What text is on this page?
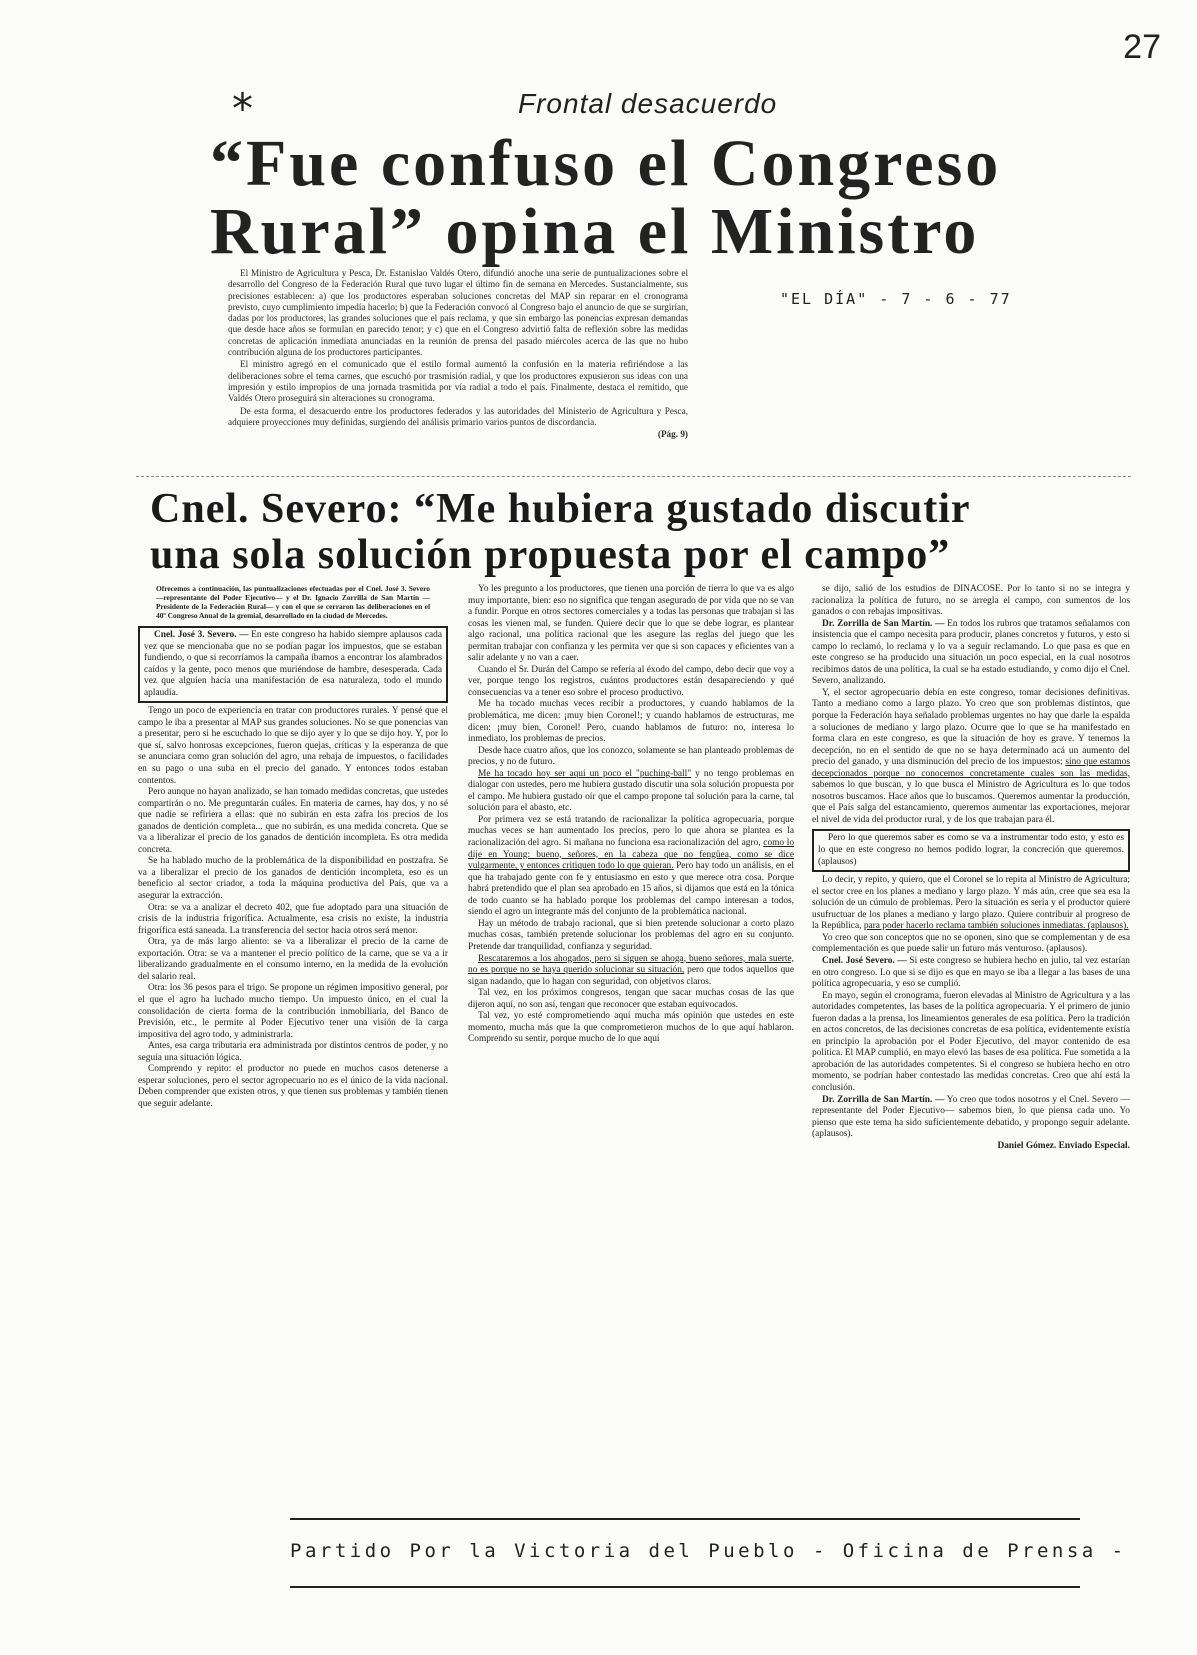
27
*	Frontal desacuerdo
“Fue confuso el Congreso
Rural” opina el Ministro
"EL DÍA" - 7 - 6 - 77

El Ministro de Agricultura y Pesca, Dr. Estanislao Valdés Otero, difundió anoche una serie de puntualizaciones sobre el desarrollo del Congreso de la Federación Rural que tuvo lugar el último fin de semana en Mercedes. Sustancialmente, sus precisiones establecen: a) que los productores esperaban soluciones concretas del MAP sin reparar en el cronograma previsto, cuyo cumplimiento impedía hacerlo; b) que la Federación convocó al Congreso bajo el anuncio de que se surgirían, dadas por los productores, las grandes soluciones que el país reclama, y que sin embargo las ponencias expresan demandas que desde hace años se formulan en parecido tenor; y c) que en el Congreso advirtió falta de reflexión sobre las medidas concretas de aplicación inmediata anunciadas en la reunión de prensa del pasado miércoles acerca de las que no hubo contribución alguna de los productores participantes.

El ministro agregó en el comunicado que el estilo formal aumentó la confusión en la materia refiriéndose a las deliberaciones sobre el tema carnes, que escuchó por trasmisión radial, y que los productores expusieron sus ideas con una impresión y estilo impropios de una jornada trasmitida por vía radial a todo el país. Finalmente, destaca el remitido, que Valdés Otero proseguirá sin alteraciones su cronograma.

De esta forma, el desacuerdo entre los productores federados y las autoridades del Ministerio de Agricultura y Pesca, adquiere proyecciones muy definidas, surgiendo del análisis primario varios puntos de discordancia.

(Pág. 9)

Cnel. Severo: “Me hubiera gustado discutir
una sola solución propuesta por el campo”

Ofrecemos a continuación, las puntualizaciones efectuadas por el Cnel. José 3. Severo —representante del Poder Ejecutivo— y el Dr. Ignacio Zorrilla de San Martín —Presidente de la Federación Rural— y con el que se cerraron las deliberaciones en el 40º Congreso Anual de la gremial, desarrollado en la ciudad de Mercedes.

Cnel. José 3. Severo. — En este congreso ha habido siempre aplausos cada vez que se mencionaba que no se podían pagar los impuestos, que se estaban fundiendo, o que si recorríamos la campaña íbamos a encontrar los alambrados caídos y la gente, poco menos que muriéndose de hambre, desesperada. Cada vez que alguien hacía una manifestación de esa naturaleza, todo el mundo aplaudía.

Tengo un poco de experiencia en tratar con productores rurales. Y pensé que el campo le iba a presentar al MAP sus grandes soluciones. No se que ponencias van a presentar, pero si he escuchado lo que se dijo ayer y lo que se dijo hoy. Y, por lo que sí, salvo honrosas excepciones, fueron quejas, críticas y la esperanza de que se anunciara como gran solución del agro, una rebaja de impuestos, o facilidades en su pago o una suba en el precio del ganado. Y entonces todos estaban contentos.

Pero aunque no hayan analizado, se han tomado medidas concretas, que ustedes compartirán o no. Me preguntarán cuáles. En materia de carnes, hay dos, y no sé que nadie se refiriera a ellas: que no subirán en esta zafra los precios de los ganados de dentición completa... que no subirán, es una medida concreta. Que se va a liberalizar el precio de los ganados de dentición incompleta. Es otra medida concreta.

Se ha hablado mucho de la problemática de la disponibilidad en postzafra. Se va a liberalizar el precio de los ganados de dentición incompleta, eso es un beneficio al sector criador, a toda la máquina productiva del País, que va a asegurar la extracción.

Otra: se va a analizar el decreto 402, que fue adoptado para una situación de crisis de la industria frigorífica. Actualmente, esa crisis no existe, la industria frigorífica está saneada. La transferencia del sector hacia otros será menor.

Otra, ya de más largo aliento: se va a liberalizar el precio de la carne de exportación. Otra: se va a mantener el precio político de la carne, que se va a ir liberalizando gradualmente en el consumo interno, en la medida de la evolución del salario real.

Otra: los 36 pesos para el trigo. Se propone un régimen impositivo general, por el que el agro ha luchado mucho tiempo. Un impuesto único, en el cual la consolidación de cierta forma de la contribución inmobiliaria, del Banco de Previsión, etc., le permite al Poder Ejecutivo tener una visión de la carga impositiva del agro todo, y administrarla.

Antes, esa carga tributaria era administrada por distintos centros de poder, y no seguía una situación lógica.

Comprendo y repito: el productor no puede en muchos casos detenerse a esperar soluciones, pero el sector agropecuario no es el único de la vida nacional. Deben comprender que existen otros, y que tienen sus problemas y también tienen que seguir adelante.

Yo les pregunto a los productores, que tienen una porción de tierra lo que va es algo muy importante, bien: eso no significa que tengan asegurado de por vida que no se van a fundir. Porque en otros sectores comerciales y a todas las personas que trabajan si las cosas les vienen mal, se funden. Quiere decir que lo que se debe lograr, es plantear algo racional, una política racional que les asegure las reglas del juego que les permitan trabajar con confianza y les permita ver que si son capaces y eficientes van a salir adelante y no van a caer.

Cuando el Sr. Durán del Campo se refería al éxodo del campo, debo decir que voy a ver, porque tengo los registros, cuántos productores están desapareciendo y qué consecuencias va a tener eso sobre el proceso productivo.

Me ha tocado muchas veces recibir a productores, y cuando hablamos de la problemática, me dicen: ¡muy bien Coronel!; y cuando hablamos de estructuras, me dicen: ¡muy bien, Coronel! Pero, cuando hablamos de futuro: no, interesa lo inmediato, los problemas de precios.

Desde hace cuatro años, que los conozco, solamente se han planteado problemas de precios, y no de futuro.

Me ha tocado hoy ser aquí un poco el "puching-ball" y no tengo problemas en dialogar con ustedes, pero me hubiera gustado discutir una sola solución propuesta por el campo. Me hubiera gustado oír que el campo propone tal solución para la carne, tal solución para el abasto, etc.

Por primera vez se está tratando de racionalizar la política agropecuaria, porque muchas veces se han aumentado los precios, pero lo que ahora se plantea es la racionalización del agro. Si mañana no funciona esa racionalización del agro, como lo dije en Young: bueno, señores, en la cabeza que no fengüea, como se dice vulgarmente, y entonces critiquen todo lo que quieran. Pero hay todo un análisis, en el que ha trabajado gente con fe y entusiasmo en esto y que merece otra cosa. Porque habrá pretendido que el plan sea aprobado en 15 años, si dijamos que está en la tónica de todo cuanto se ha hablado porque los problemas del campo interesan a todos, siendo el agro un integrante más del conjunto de la problemática nacional.

Hay un método de trabajo racional, que si bien pretende solucionar a corto plazo muchas cosas, también pretende solucionar los problemas del agro en su conjunto. Pretende dar tranquilidad, confianza y seguridad.

Rescataremos a los ahogados, pero si siguen se ahoga, bueno señores, mala suerte, no es porque no se haya querido solucionar su situación, pero que todos aquellos que sigan nadando, que lo hagan con seguridad, con objetivos claros.

Tal vez, en los próximos congresos, tengan que sacar muchas cosas de las que dijeron aquí, no son así, tengan que reconocer que estaban equivocados.

Tal vez, yo esté comprometiendo aquí mucha más opinión que ustedes en este momento, mucha más que la que comprometieron muchos de lo que aquí hablaron. Comprendo su sentir, porque mucho de lo que aquí

se dijo, salió de los estudios de DINACOSE. Por lo tanto si no se integra y racionaliza la política de futuro, no se arregla el campo, con sumentos de los ganados o con rebajas impositivas.

Dr. Zorrilla de San Martín. — En todos los rubros que tratamos señalamos con insistencia que el campo necesita para producir, planes concretos y futuros, y esto si campo lo reclamó, lo reclama y lo va a seguir reclamando. Lo que pasa es que en este congreso se ha producido una situación un poco especial, en la cual nosotros recibimos datos de una política, la cual se ha estado estudiando, y como dijo el Cnel. Severo, analizando.

Y, el sector agropecuario debía en este congreso, tomar decisiones definitivas. Tanto a mediano como a largo plazo. Yo creo que son problemas distintos, que porque la Federación haya señalado problemas urgentes no hay que darle la espalda a soluciones de mediano y largo plazo. Ocurre que lo que se ha manifestado en forma clara en este congreso, es que la situación de hoy es grave. Y tenemos la decepción, no en el sentido de que no se haya determinado acá un aumento del precio del ganado, y una disminución del precio de los impuestos; sino que estamos decepcionados porque no conocemos concretamente cuales son las medidas, sabemos lo que buscan, y lo que busca el Ministro de Agricultura es lo que todos nosotros buscamos. Hace años que lo buscamos. Queremos aumentar la producción, que el País salga del estancamiento, queremos aumentar las exportaciones, mejorar el nivel de vida del productor rural, y de los que trabajan para él.

Pero lo que queremos saber es como se va a instrumentar todo esto, y esto es lo que en este congreso no hemos podido lograr, la concreción que queremos. (aplausos)

Lo decir, y repito, y quiero, que el Coronel se lo repita al Ministro de Agricultura; el sector cree en los planes a mediano y largo plazo. Y más aún, cree que sea esa la solución de un cúmulo de problemas. Pero la situación es seria y el productor quiere usufructuar de los planes a mediano y largo plazo. Quiere contribuir al progreso de la República, para poder hacerlo reclama también soluciones inmediatas. (aplausos).

Yo creo que son conceptos que no se oponen, sino que se complementan y de esa complementación es que puede salir un futuro más venturoso. (aplausos).

Cnel. José Severo. — Si este congreso se hubiera hecho en julio, tal vez estarían en otro congreso. Lo que si se dijo es que en mayo se iba a llegar a las bases de una política agropecuaria, y eso se cumplió.

En mayo, según el cronograma, fueron elevadas al Ministro de Agricultura y a las autoridades competentes, las bases de la política agropecuaria. Y el primero de junio fueron dadas a la prensa, los lineamientos generales de esa política. Pero la tradición en actos concretos, de las decisiones concretas de esa política, evidentemente existía en principio la aprobación por el Poder Ejecutivo, del mayor contenido de esa política. El MAP cumplió, en mayo elevó las bases de esa política. Fue sometida a la aprobación de las autoridades competentes. Si el congreso se hubiera hecho en otro momento, se podrían haber contestado las medidas concretas. Creo que ahí está la conclusión.

Dr. Zorrilla de San Martín. — Yo creo que todos nosotros y el Cnel. Severo —representante del Poder Ejecutivo— sabemos bien, lo que piensa cada uno. Yo pienso que este tema ha sido suficientemente debatido, y propongo seguir adelante. (aplausos).

Daniel Gómez. Enviado Especial.

Partido Por la Victoria del Pueblo - Oficina de Prensa -
